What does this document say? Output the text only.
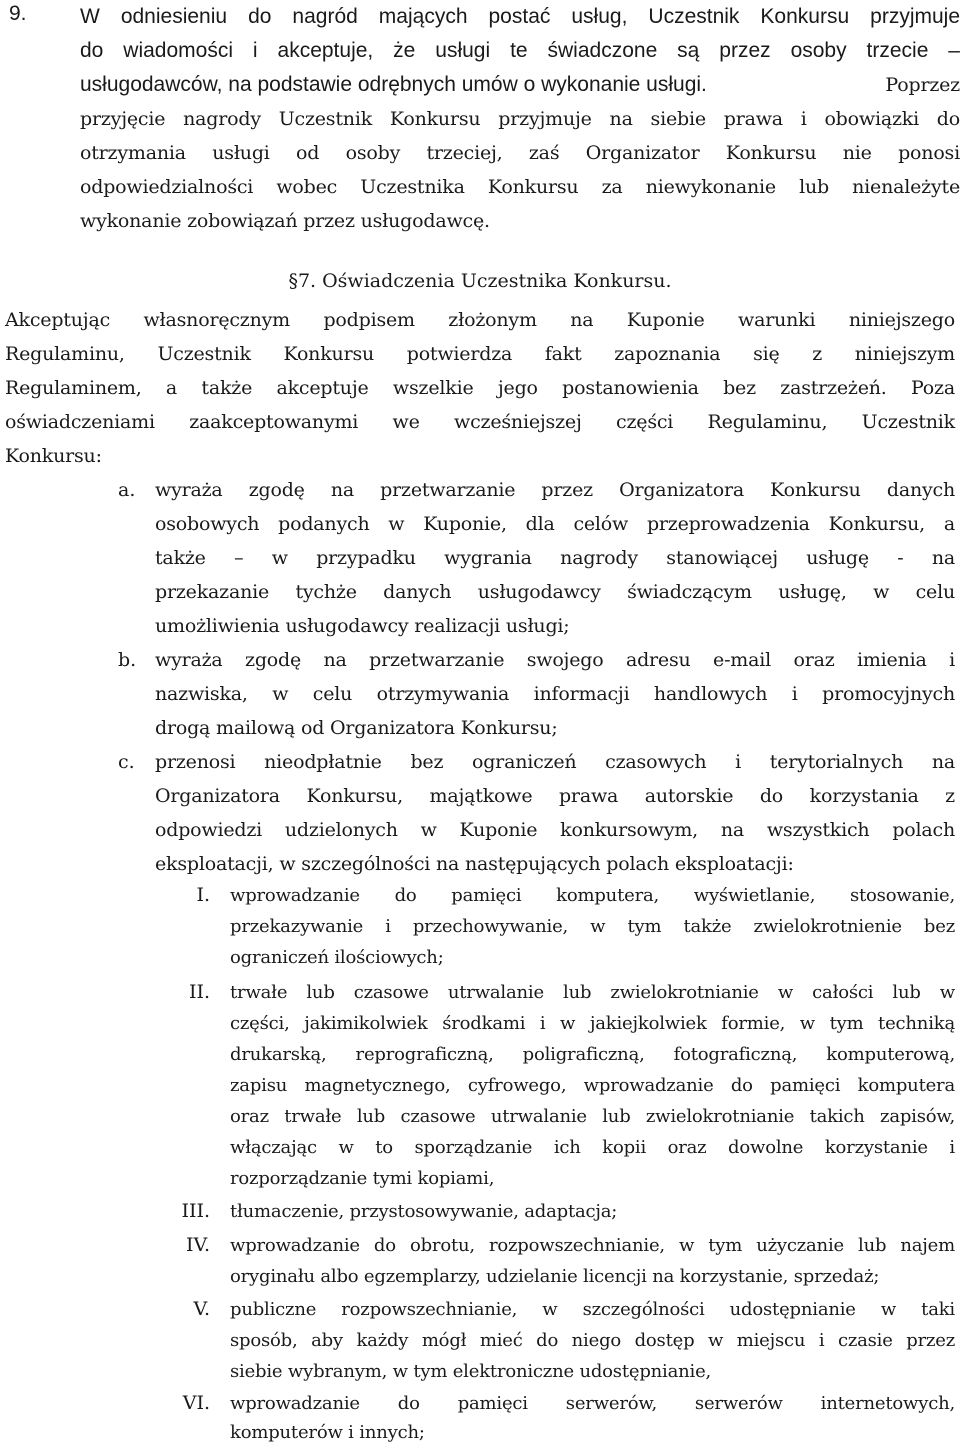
9.	W odniesieniu do nagród mających postać usług, Uczestnik Konkursu przyjmuje
do wiadomości i akceptuje, że usługi te świadczone są przez osoby trzecie –
usługodawców, na podstawie odrębnych umów o wykonanie usługi.	Poprzez
przyjęcie nagrody Uczestnik Konkursu przyjmuje na siebie prawa i obowiązki do
otrzymania usługi od osoby trzeciej, zaś Organizator Konkursu nie ponosi
odpowiedzialności wobec Uczestnika Konkursu za niewykonanie lub nienależyte
wykonanie zobowiązań przez usługodawcę.
§7. Oświadczenia Uczestnika Konkursu.
Akceptując własnoręcznym podpisem złożonym na Kuponie warunki niniejszego
Regulaminu, Uczestnik Konkursu potwierdza fakt zapoznania się z niniejszym
Regulaminem, a także akceptuje wszelkie jego postanowienia bez zastrzeżeń. Poza
oświadczeniami zaakceptowanymi we wcześniejszej części Regulaminu, Uczestnik
Konkursu:
a. wyraża zgodę na przetwarzanie przez Organizatora Konkursu danych
osobowych podanych w Kuponie, dla celów przeprowadzenia Konkursu, a
także – w przypadku wygrania nagrody stanowiącej usługę - na
przekazanie tychże danych usługodawcy świadczącym usługę, w celu
umożliwienia usługodawcy realizacji usługi;
b. wyraża zgodę na przetwarzanie swojego adresu e-mail oraz imienia i
nazwiska, w celu otrzymywania informacji handlowych i promocyjnych
drogą mailową od Organizatora Konkursu;
c. przenosi nieodpłatnie bez ograniczeń czasowych i terytorialnych na
Organizatora Konkursu, majątkowe prawa autorskie do korzystania z
odpowiedzi udzielonych w Kuponie konkursowym, na wszystkich polach
eksploatacji, w szczególności na następujących polach eksploatacji:
I. wprowadzanie do pamięci komputera, wyświetlanie, stosowanie,
przekazywanie i przechowywanie, w tym także zwielokrotnienie bez
ograniczeń ilościowych;
II. trwałe lub czasowe utrwalanie lub zwielokrotnianie w całości lub w
części, jakimikolwiek środkami i w jakiejkolwiek formie, w tym techniką
drukarską, reprograficzną, poligraficzną, fotograficzną, komputerową,
zapisu magnetycznego, cyfrowego, wprowadzanie do pamięci komputera
oraz trwałe lub czasowe utrwalanie lub zwielokrotnianie takich zapisów,
włączając w to sporządzanie ich kopii oraz dowolne korzystanie i
rozporządzanie tymi kopiami,
III. tłumaczenie, przystosowywanie, adaptacja;
IV. wprowadzanie do obrotu, rozpowszechnianie, w tym użyczanie lub najem
oryginału albo egzemplarzy, udzielanie licencji na korzystanie, sprzedaż;
V. publiczne rozpowszechnianie, w szczególności udostępnianie w taki
sposób, aby każdy mógł mieć do niego dostęp w miejscu i czasie przez
siebie wybranym, w tym elektroniczne udostępnianie,
VI. wprowadzanie do pamięci serwerów, serwerów internetowych,
komputerów i innych;
